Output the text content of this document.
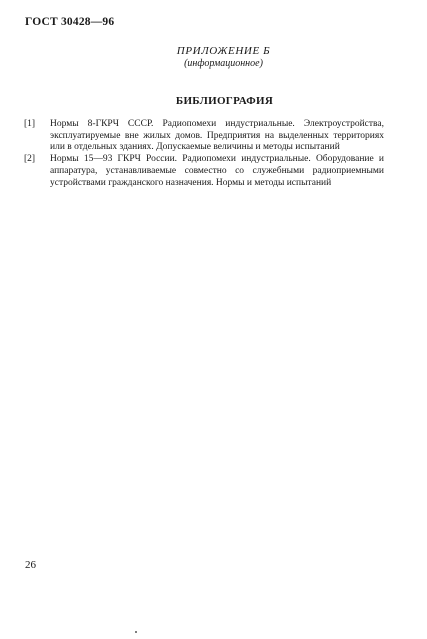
ГОСТ 30428—96
ПРИЛОЖЕНИЕ Б
(информационное)
БИБЛИОГРАФИЯ
[1]	Нормы 8-ГКРЧ СССР. Радиопомехи индустриальные. Электроустройства, эксплуатируемые вне жилых домов. Предприятия на выделенных территориях или в отдельных зданиях. Допускаемые величины и методы испытаний
[2]	Нормы 15—93 ГКРЧ России. Радиопомехи индустриальные. Оборудование и аппаратура, устанавливаемые совместно со служебными радиоприемными устройствами гражданского назначения. Нормы и методы испытаний
26
